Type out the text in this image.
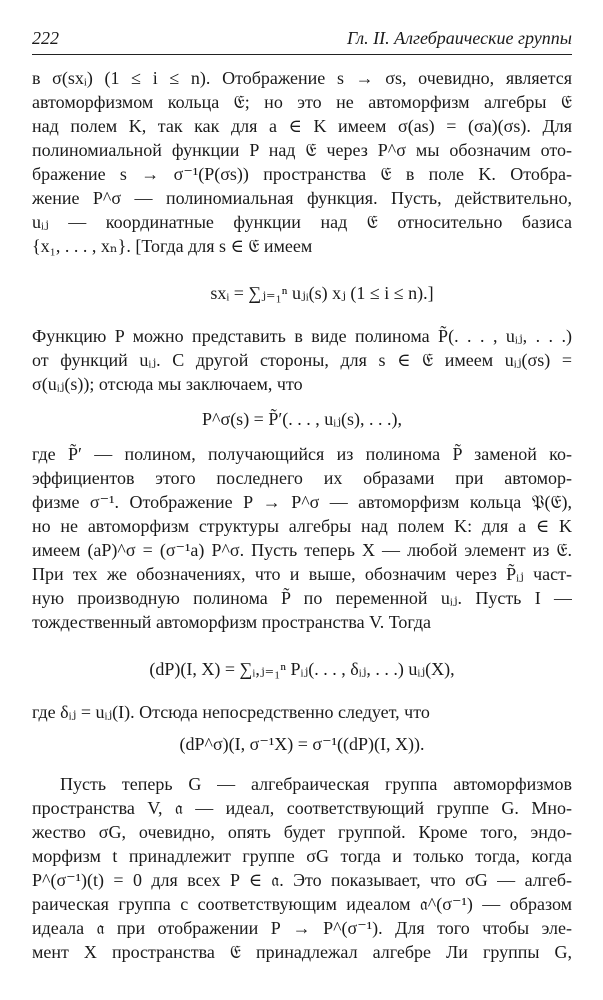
222	Гл. II. Алгебраические группы
в σ(sxᵢ) (1 ≤ i ≤ n). Отображение s → σs, очевидно, является
автоморфизмом кольца 𝔈; но это не автоморфизм алгебры 𝔈
над полем K, так как для a ∈ K имеем σ(as) = (σa)(σs). Для
полиномиальной функции P над 𝔈 через P^σ мы обозначим ото-
бражение s → σ⁻¹(P(σs)) пространства 𝔈 в поле K. Отобра-
жение P^σ — полиномиальная функция. Пусть, действительно,
uᵢⱼ — координатные функции над 𝔈 относительно базиса
{x₁, . . . , xₙ}. [Тогда для s ∈ 𝔈 имеем
sxᵢ = ∑ⱼ₌₁ⁿ uⱼᵢ(s) xⱼ (1 ≤ i ≤ n).]
Функцию P можно представить в виде полинома P̃(. . . , uᵢⱼ, . . .)
от функций uᵢⱼ. С другой стороны, для s ∈ 𝔈 имеем uᵢⱼ(σs) =
σ(uᵢⱼ(s)); отсюда мы заключаем, что
P^σ(s) = P̃′(. . . , uᵢⱼ(s), . . .),
где P̃′ — полином, получающийся из полинома P̃ заменой ко-
эффициентов этого последнего их образами при автомор-
физме σ⁻¹. Отображение P → P^σ — автоморфизм кольца 𝔓(𝔈),
но не автоморфизм структуры алгебры над полем K: для a ∈ K
имеем (aP)^σ = (σ⁻¹a) P^σ. Пусть теперь X — любой элемент из 𝔈.
При тех же обозначениях, что и выше, обозначим через P̃ᵢⱼ част-
ную производную полинома P̃ по переменной uᵢⱼ. Пусть I —
тождественный автоморфизм пространства V. Тогда
(dP)(I, X) = ∑ᵢ,ⱼ₌₁ⁿ Pᵢⱼ(. . . , δᵢⱼ, . . .) uᵢⱼ(X),
где δᵢⱼ = uᵢⱼ(I). Отсюда непосредственно следует, что
(dP^σ)(I, σ⁻¹X) = σ⁻¹((dP)(I, X)).
Пусть теперь G — алгебраическая группа автоморфизмов
пространства V, 𝔞 — идеал, соответствующий группе G. Мно-
жество σG, очевидно, опять будет группой. Кроме того, эндо-
морфизм t принадлежит группе σG тогда и только тогда, когда
P^(σ⁻¹)(t) = 0 для всех P ∈ 𝔞. Это показывает, что σG — алгеб-
раическая группа с соответствующим идеалом 𝔞^(σ⁻¹) — образом
идеала 𝔞 при отображении P → P^(σ⁻¹). Для того чтобы эле-
мент X пространства 𝔈 принадлежал алгебре Ли группы G,
